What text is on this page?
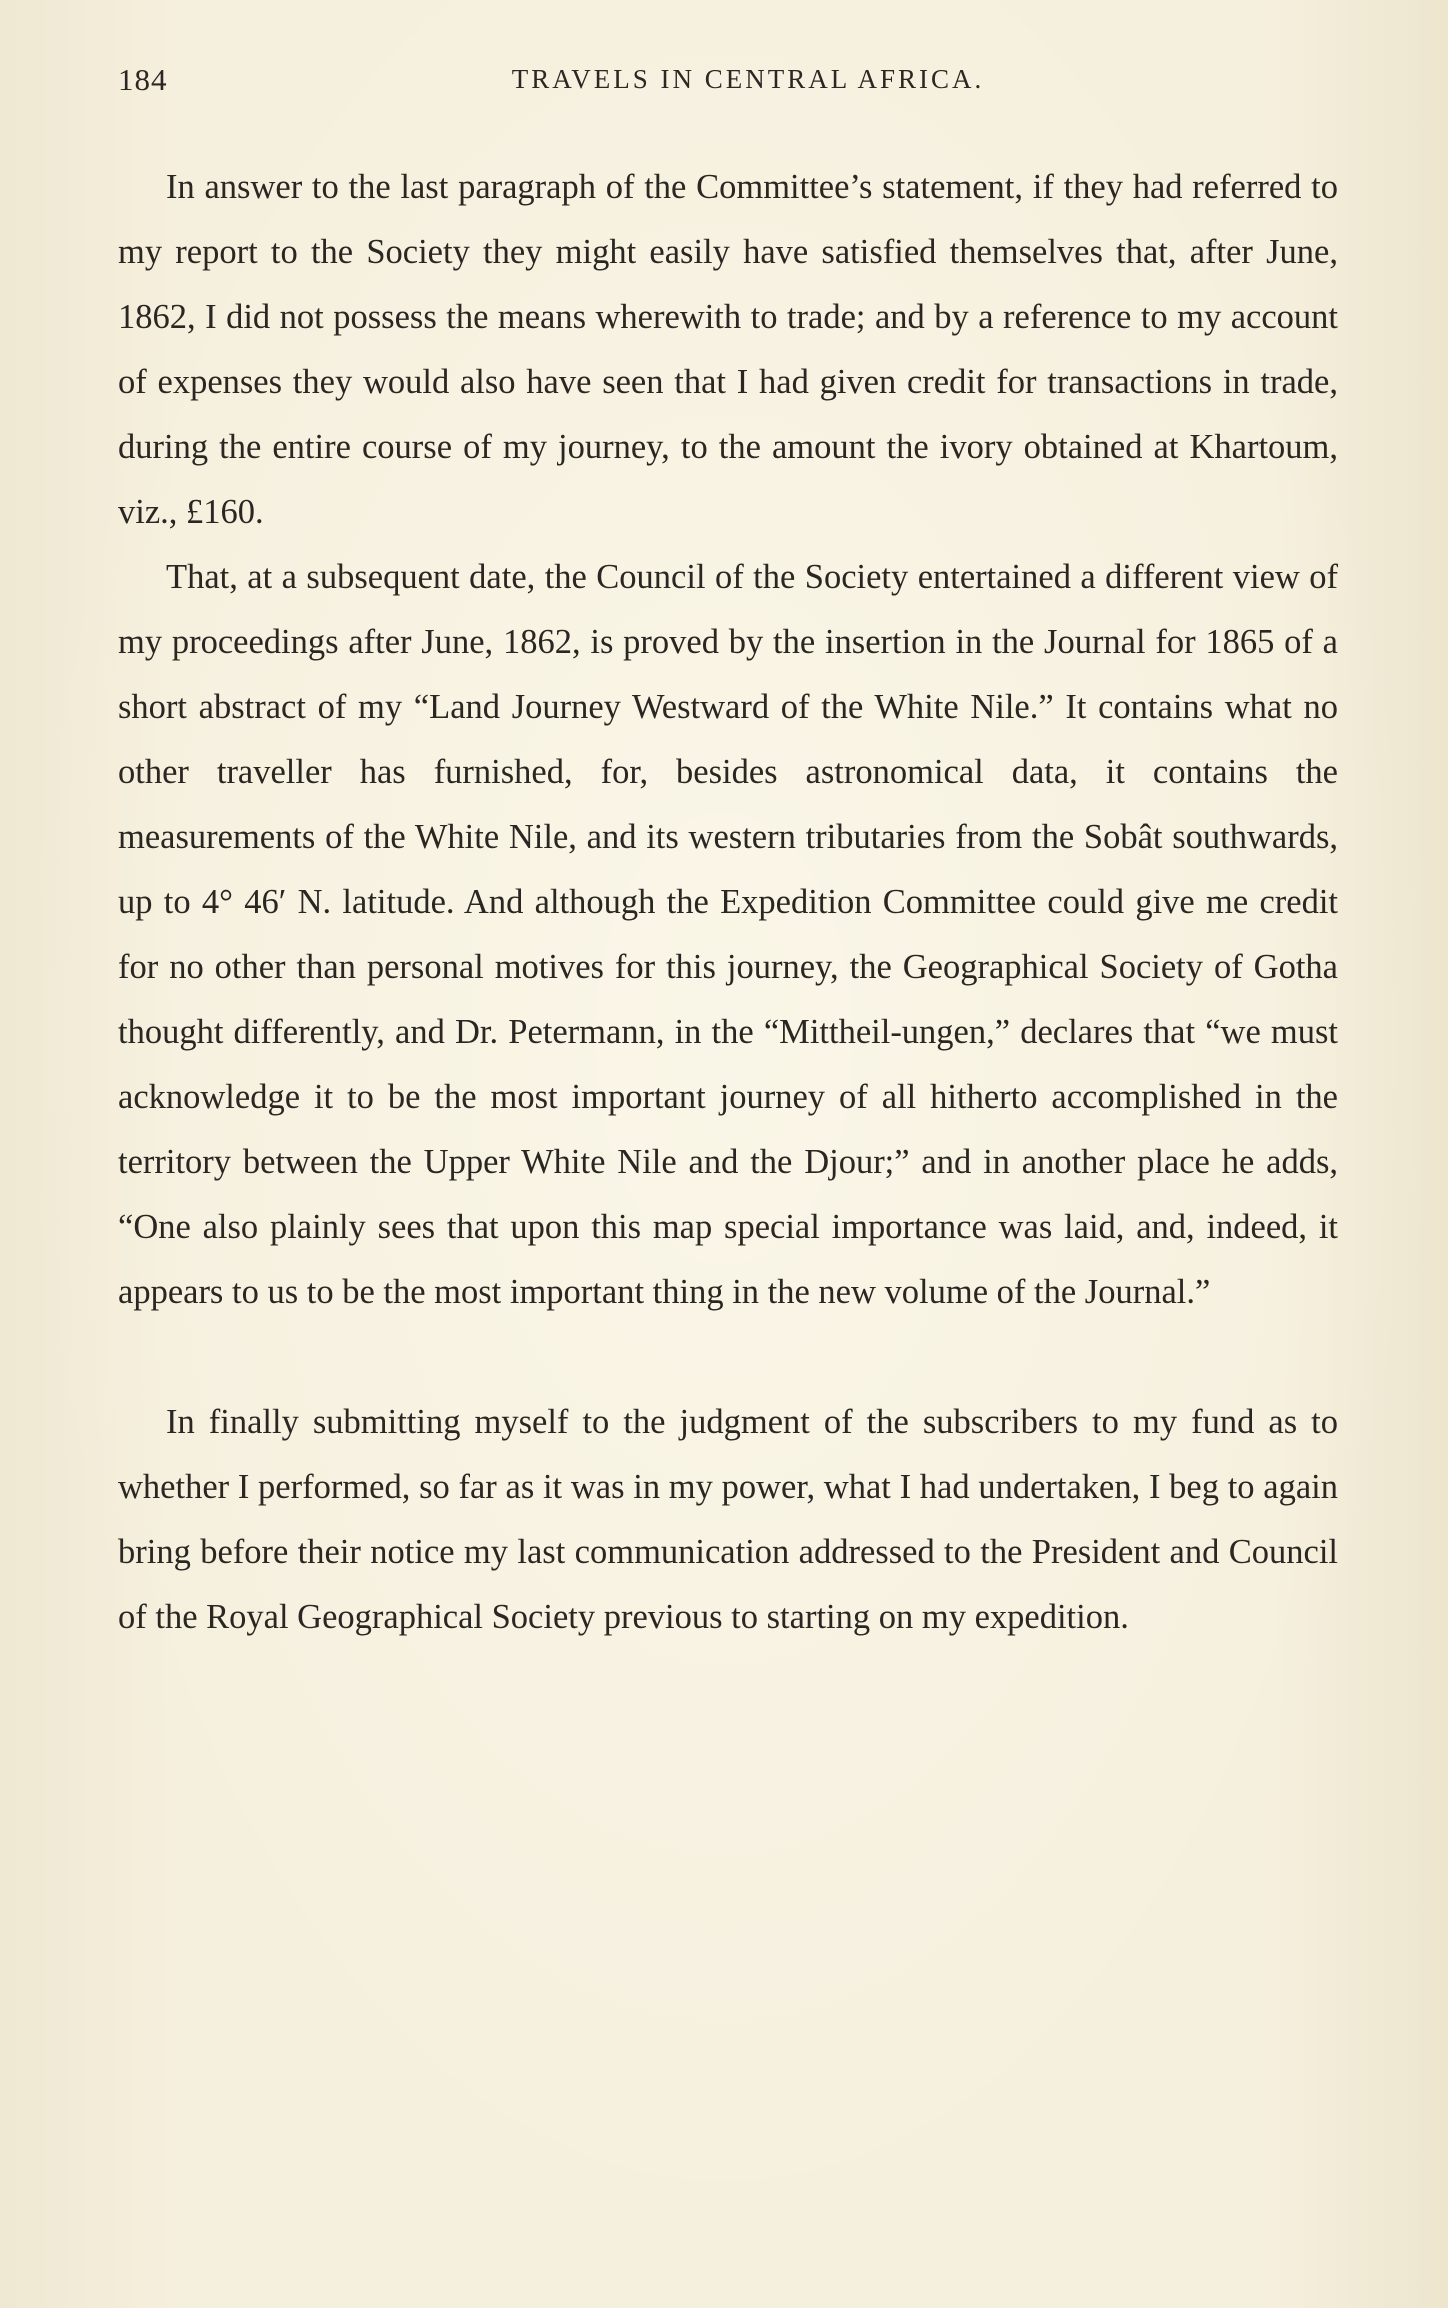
184	TRAVELS IN CENTRAL AFRICA.

In answer to the last paragraph of the Committee’s statement, if they had referred to my report to the Society they might easily have satisfied themselves that, after June, 1862, I did not possess the means wherewith to trade; and by a reference to my account of expenses they would also have seen that I had given credit for transactions in trade, during the entire course of my journey, to the amount the ivory obtained at Khartoum, viz., £160.

That, at a subsequent date, the Council of the Society entertained a different view of my proceedings after June, 1862, is proved by the insertion in the Journal for 1865 of a short abstract of my “Land Journey Westward of the White Nile.” It contains what no other traveller has furnished, for, besides astronomical data, it contains the measurements of the White Nile, and its western tributaries from the Sobât southwards, up to 4° 46′ N. latitude. And although the Expedition Committee could give me credit for no other than personal motives for this journey, the Geographical Society of Gotha thought differently, and Dr. Petermann, in the “Mittheil-ungen,” declares that “we must acknowledge it to be the most important journey of all hitherto accomplished in the territory between the Upper White Nile and the Djour;” and in another place he adds, “One also plainly sees that upon this map special importance was laid, and, indeed, it appears to us to be the most important thing in the new volume of the Journal.”

In finally submitting myself to the judgment of the subscribers to my fund as to whether I performed, so far as it was in my power, what I had undertaken, I beg to again bring before their notice my last communication addressed to the President and Council of the Royal Geographical Society previous to starting on my expedition.
